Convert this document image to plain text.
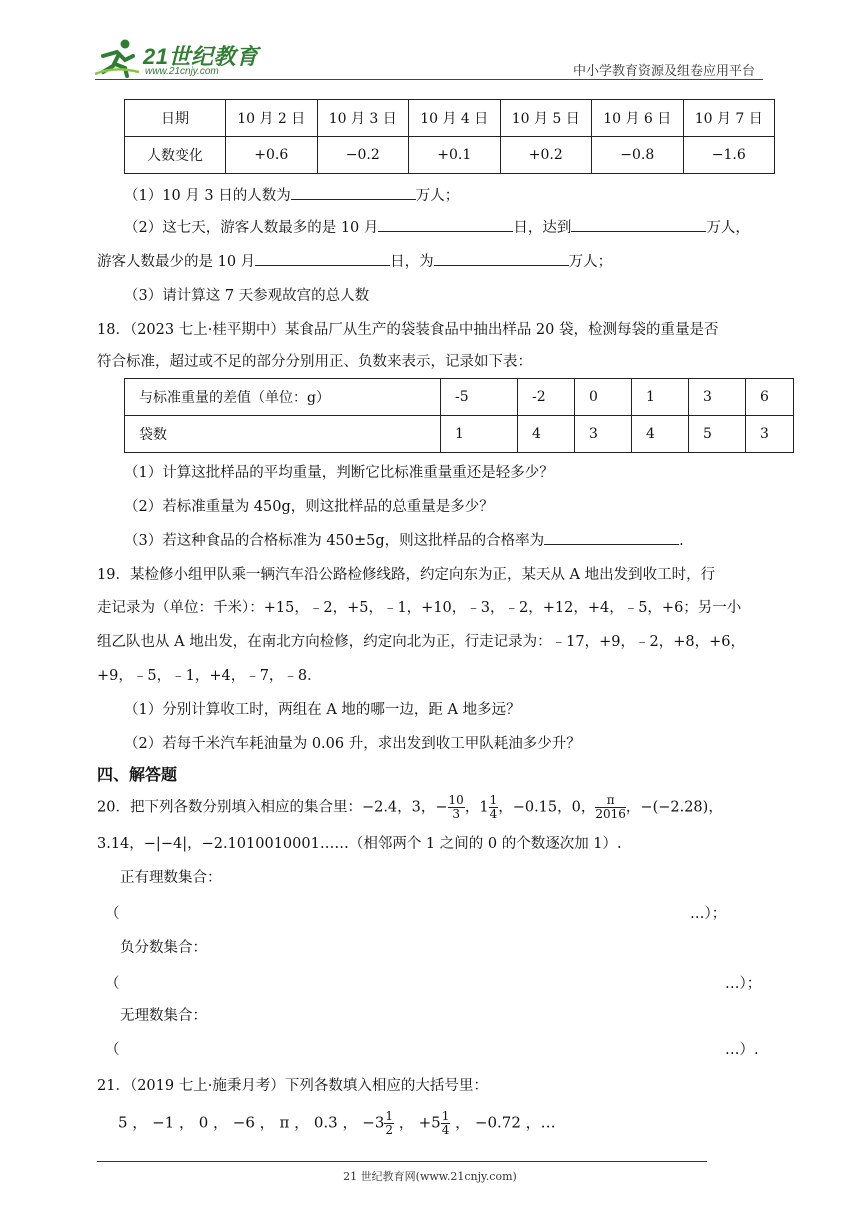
21世纪教育
www.21cnjy.com	中小学教育资源及组卷应用平台
日期	10 月 2 日	10 月 3 日	10 月 4 日	10 月 5 日	10 月 6 日	10 月 7 日
人数变化	+0.6	−0.2	+0.1	+0.2	−0.8	−1.6
（1）10 月 3 日的人数为	万人；
（2）这七天，游客人数最多的是 10 月	日，达到	万人，
游客人数最少的是 10 月	日，为	万人；
（3）请计算这 7 天参观故宫的总人数
18．（2023 七上·桂平期中）某食品厂从生产的袋装食品中抽出样品 20 袋，检测每袋的重量是否
符合标准，超过或不足的部分分别用正、负数来表示，记录如下表：
与标准重量的差值（单位：g）	-5	-2	0	1	3	6
袋数	1	4	3	4	5	3
（1）计算这批样品的平均重量，判断它比标准重量重还是轻多少？
（2）若标准重量为 450g，则这批样品的总重量是多少？
（3）若这种食品的合格标准为 450±5g，则这批样品的合格率为	.
19．某检修小组甲队乘一辆汽车沿公路检修线路，约定向东为正，某天从 A 地出发到收工时，行
走记录为（单位：千米）：+15，﹣2，+5，﹣1，+10，﹣3，﹣2，+12，+4，﹣5，+6；另一小
组乙队也从 A 地出发，在南北方向检修，约定向北为正，行走记录为：﹣17，+9，﹣2，+8，+6，
+9，﹣5，﹣1，+4，﹣7，﹣8．
（1）分别计算收工时，两组在 A 地的哪一边，距 A 地多远？
（2）若每千米汽车耗油量为 0.06 升，求出发到收工甲队耗油多少升？
四、解答题
20．把下列各数分别填入相应的集合里：−2.4，3，− $\frac{10}{3}$ ，$1 \frac{1}{4}$ ，−0.15，0， $\frac{\pi}{2016}$ ，−(−2.28)，
3.14，−|−4|，−2.1010010001……（相邻两个 1 之间的 0 的个数逐次加 1）.
正有理数集合：
（	…）；
负分数集合：
（	…）；
无理数集合：
（	…）.
21．（2019 七上·施秉月考）下列各数填入相应的大括号里：
5 ， −1 ， 0 ， −6 ， π ， 0.3 ， $-3 \frac{1}{2}$ ， $+5 \frac{1}{4}$ ， −0.72 ，…
21 世纪教育网(www.21cnjy.com)
